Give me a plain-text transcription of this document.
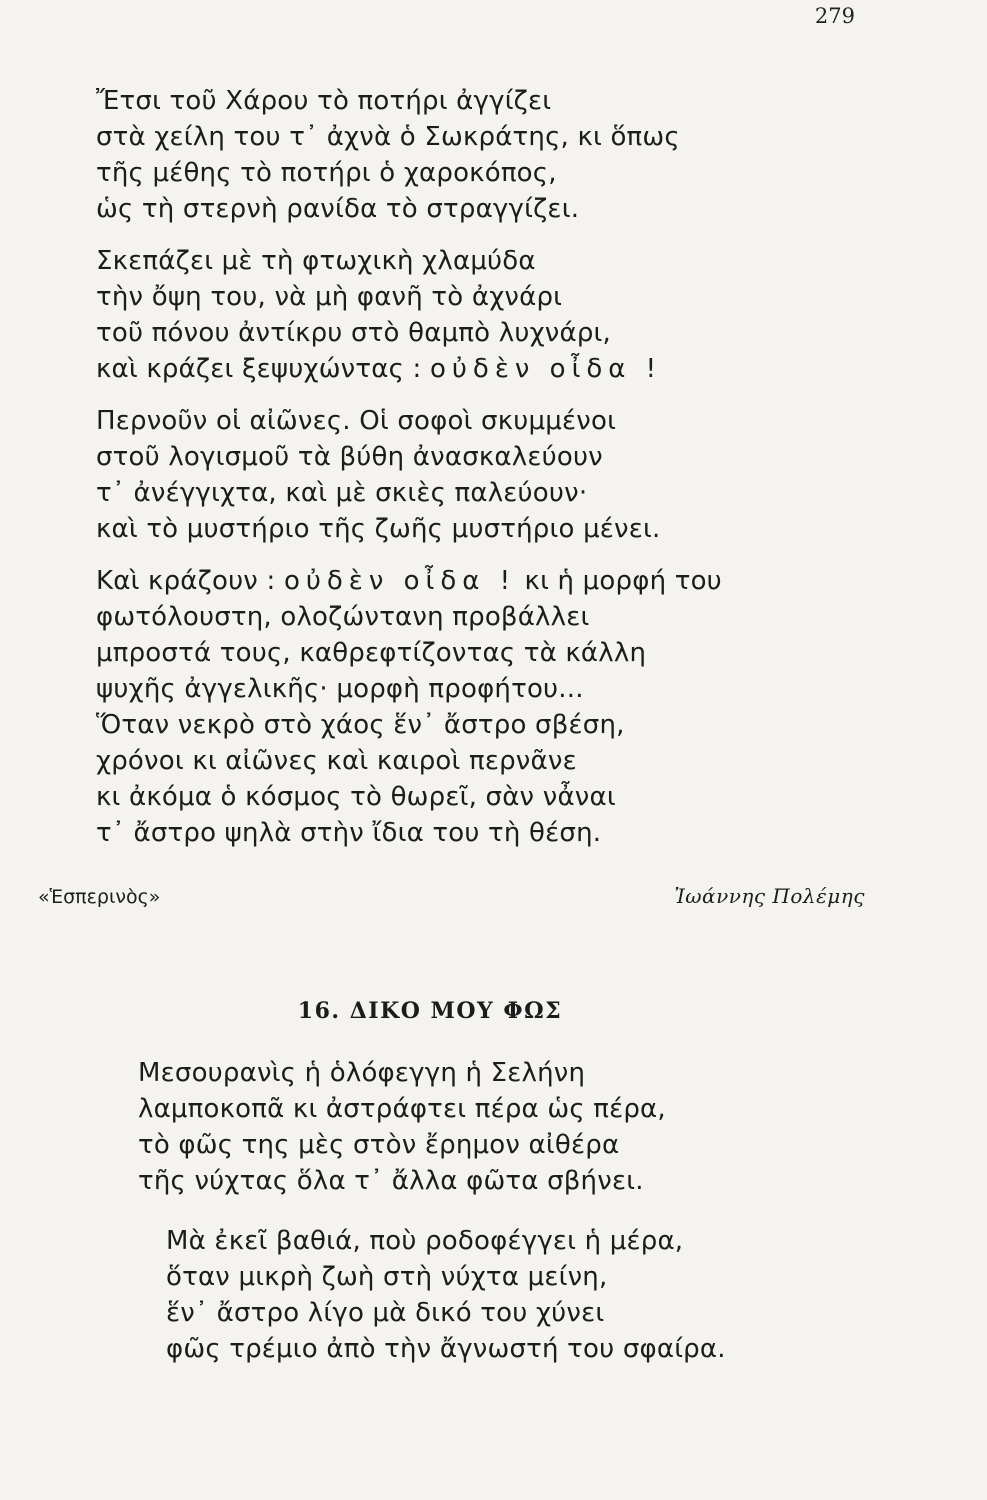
279
Ἔτσι τοῦ Χάρου τὸ ποτήρι ἀγγίζει
στὰ χείλη του τ᾿ ἀχνὰ ὁ Σωκράτης, κι ὅπως
τῆς μέθης τὸ ποτήρι ὁ χαροκόπος,
ὡς τὴ στερνὴ ρανίδα τὸ στραγγίζει.
Σκεπάζει μὲ τὴ φτωχικὴ χλαμύδα
τὴν ὄψη του, νὰ μὴ φανῆ τὸ ἀχνάρι
τοῦ πόνου ἀντίκρυ στὸ θαμπὸ λυχνάρι,
καὶ κράζει ξεψυχώντας : οὐδὲν οἶδα !
Περνοῦν οἱ αἰῶνες. Οἱ σοφοὶ σκυμμένοι
στοῦ λογισμοῦ τὰ βύθη ἀνασκαλεύουν
τ᾿ ἀνέγγιχτα, καὶ μὲ σκιὲς παλεύουν·
καὶ τὸ μυστήριο τῆς ζωῆς μυστήριο μένει.
Καὶ κράζουν : οὐδὲν οἶδα ! κι ἡ μορφή του
φωτόλουστη, ολοζώντανη προβάλλει
μπροστά τους, καθρεφτίζοντας τὰ κάλλη
ψυχῆς ἀγγελικῆς· μορφὴ προφήτου...
Ὅταν νεκρὸ στὸ χάος ἕν᾿ ἄστρο σβέση,
χρόνοι κι αἰῶνες καὶ καιροὶ περνᾶνε
κι ἀκόμα ὁ κόσμος τὸ θωρεῖ, σὰν νἆναι
τ᾿ ἄστρο ψηλὰ στὴν ἴδια του τὴ θέση.
«Ἑσπερινὸς»	Ἰωάννης Πολέμης
16. ΔΙΚΟ ΜΟΥ ΦΩΣ
Μεσουρανὶς ἡ ὁλόφεγγη ἡ Σελήνη
λαμποκοπᾶ κι ἀστράφτει πέρα ὡς πέρα,
τὸ φῶς της μὲς στὸν ἔρημον αἰθέρα
τῆς νύχτας ὅλα τ᾿ ἄλλα φῶτα σβήνει.
Μὰ ἐκεῖ βαθιά, ποὺ ροδοφέγγει ἡ μέρα,
ὅταν μικρὴ ζωὴ στὴ νύχτα μείνη,
ἕν᾿ ἄστρο λίγο μὰ δικό του χύνει
φῶς τρέμιο ἀπὸ τὴν ἄγνωστή του σφαίρα.
